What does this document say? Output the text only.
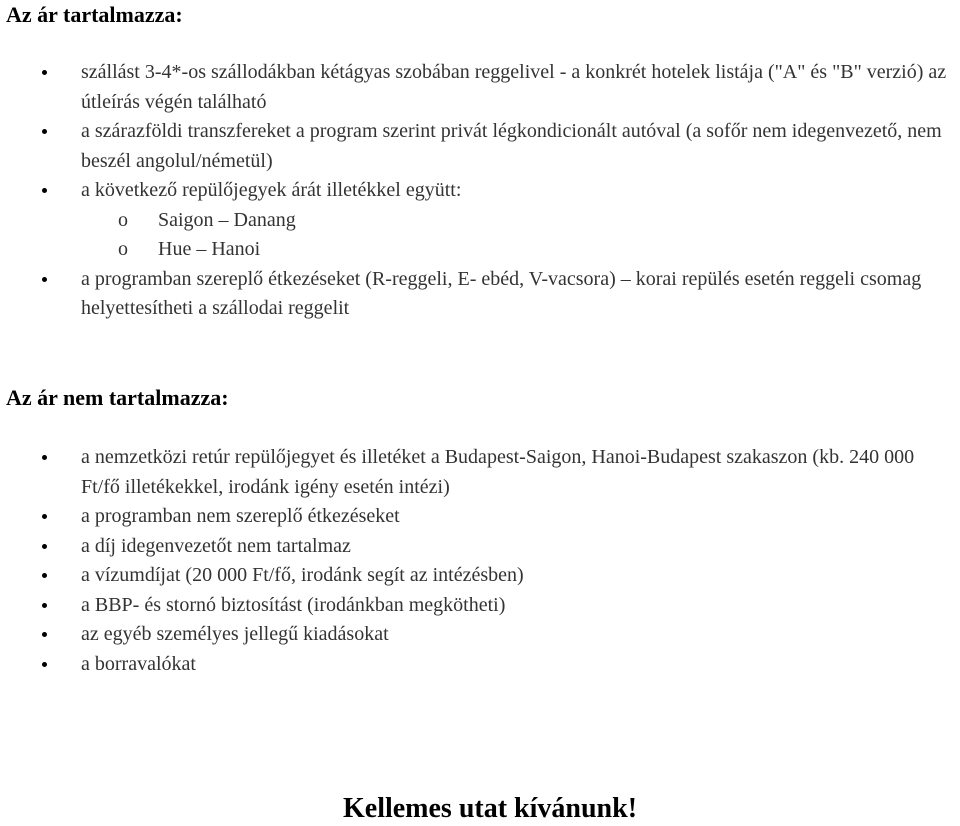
Az ár tartalmazza:
szállást 3-4*-os szállodákban kétágyas szobában reggelivel - a konkrét hotelek listája ("A" és "B" verzió) az útleírás végén található
a szárazföldi transzfereket a program szerint privát légkondicionált autóval (a sofőr nem idegenvezető, nem beszél angolul/németül)
a következő repülőjegyek árát illetékkel együtt:
o Saigon – Danang
o Hue – Hanoi
a programban szereplő étkezéseket (R-reggeli, E- ebéd, V-vacsora) – korai repülés esetén reggeli csomag helyettesítheti a szállodai reggelit
Az ár nem tartalmazza:
a nemzetközi retúr repülőjegyet és illetéket a Budapest-Saigon, Hanoi-Budapest szakaszon (kb. 240 000 Ft/fő illetékekkel, irodánk igény esetén intézi)
a programban nem szereplő étkezéseket
a díj idegenvezetőt nem tartalmaz
a vízumdíjat (20 000 Ft/fő, irodánk segít az intézésben)
a BBP- és stornó biztosítást (irodánkban megkötheti)
az egyéb személyes jellegű kiadásokat
a borravalókat
Kellemes utat kívánunk!
